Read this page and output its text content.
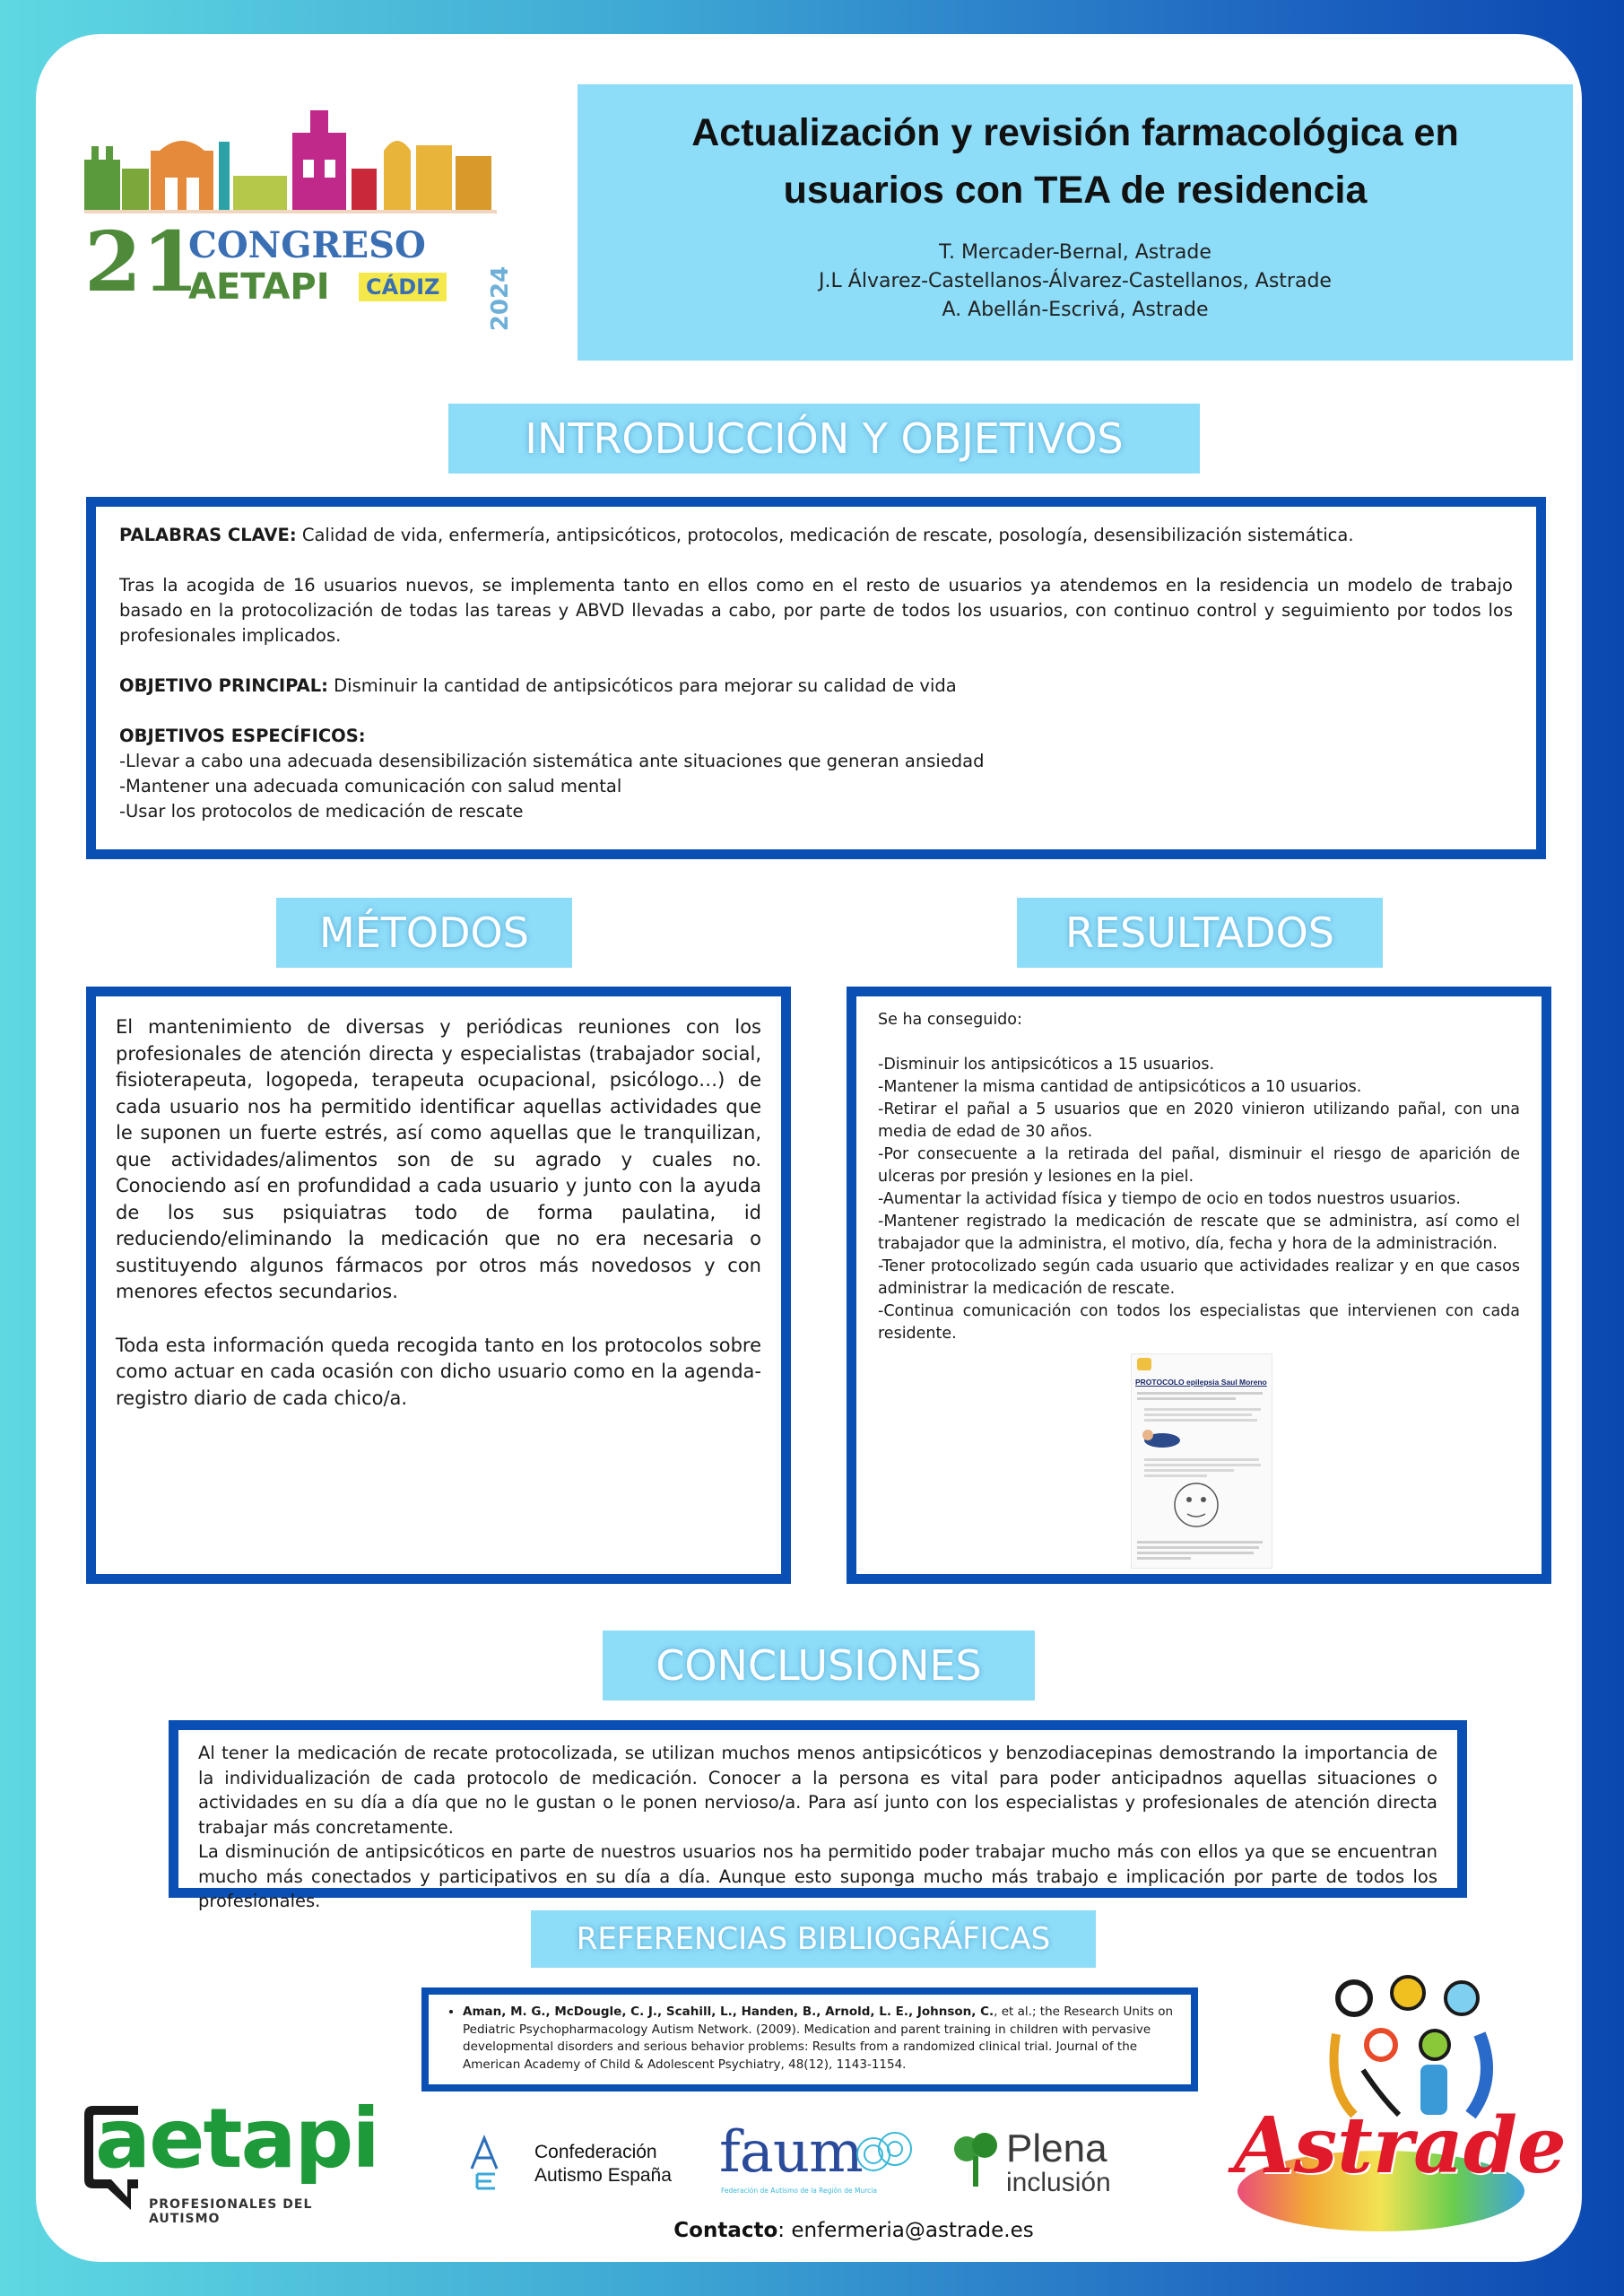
21
CONGRESO
AETAPI	CÁDIZ	2024
Actualización y revisión farmacológica en usuarios con TEA de residencia
T. Mercader-Bernal, Astrade
J.L Álvarez-Castellanos-Álvarez-Castellanos, Astrade
A. Abellán-Escrivá, Astrade
INTRODUCCIÓN Y OBJETIVOS

PALABRAS CLAVE: Calidad de vida, enfermería, antipsicóticos, protocolos, medicación de rescate, posología, desensibilización sistemática.

Tras la acogida de 16 usuarios nuevos, se implementa tanto en ellos como en el resto de usuarios ya atendemos en la residencia un modelo de trabajo basado en la protocolización de todas las tareas y ABVD llevadas a cabo, por parte de todos los usuarios, con continuo control y seguimiento por todos los profesionales implicados.

OBJETIVO PRINCIPAL: Disminuir la cantidad de antipsicóticos para mejorar su calidad de vida

OBJETIVOS ESPECÍFICOS:

-Llevar a cabo una adecuada desensibilización sistemática ante situaciones que generan ansiedad

-Mantener una adecuada comunicación con salud mental

-Usar los protocolos de medicación de rescate

MÉTODOS

El mantenimiento de diversas y periódicas reuniones con los profesionales de atención directa y especialistas (trabajador social, fisioterapeuta, logopeda, terapeuta ocupacional, psicólogo…) de cada usuario nos ha permitido identificar aquellas actividades que le suponen un fuerte estrés, así como aquellas que le tranquilizan, que actividades/alimentos son de su agrado y cuales no. Conociendo así en profundidad a cada usuario y junto con la ayuda de los sus psiquiatras todo de forma paulatina, id reduciendo/eliminando la medicación que no era necesaria o sustituyendo algunos fármacos por otros más novedosos y con menores efectos secundarios.

Toda esta información queda recogida tanto en los protocolos sobre como actuar en cada ocasión con dicho usuario como en la agenda-registro diario de cada chico/a.

RESULTADOS

Se ha conseguido:

-Disminuir los antipsicóticos a 15 usuarios.

-Mantener la misma cantidad de antipsicóticos a 10 usuarios.

-Retirar el pañal a 5 usuarios que en 2020 vinieron utilizando pañal, con una media de edad de 30 años.

-Por consecuente a la retirada del pañal, disminuir el riesgo de aparición de ulceras por presión y lesiones en la piel.

-Aumentar la actividad física y tiempo de ocio en todos nuestros usuarios.

-Mantener registrado la medicación de rescate que se administra, así como el trabajador que la administra, el motivo, día, fecha y hora de la administración.

-Tener protocolizado según cada usuario que actividades realizar y en que casos administrar la medicación de rescate.

-Continua comunicación con todos los especialistas que intervienen con cada residente.

PROTOCOLO epilepsia Saul Moreno
CONCLUSIONES

Al tener la medicación de recate protocolizada, se utilizan muchos menos antipsicóticos y benzodiacepinas demostrando la importancia de la individualización de cada protocolo de medicación. Conocer a la persona es vital para poder anticipadnos aquellas situaciones o actividades en su día a día que no le gustan o le ponen nervioso/a. Para así junto con los especialistas y profesionales de atención directa trabajar más concretamente.

La disminución de antipsicóticos en parte de nuestros usuarios nos ha permitido poder trabajar mucho más con ellos ya que se encuentran mucho más conectados y participativos en su día a día. Aunque esto suponga mucho más trabajo e implicación por parte de todos los profesionales.

REFERENCIAS BIBLIOGRÁFICAS
• Aman, M. G., McDougle, C. J., Scahill, L., Handen, B., Arnold, L. E., Johnson, C., et al.; the Research Units on Pediatric Psychopharmacology Autism Network. (2009). Medication and parent training in children with pervasive developmental disorders and serious behavior problems: Results from a randomized clinical trial. Journal of the American Academy of Child & Adolescent Psychiatry, 48(12), 1143-1154.
aetapi
PROFESIONALES DEL AUTISMO
Confederación
Autismo España faum
Federación de Autismo de la Región de Murcia
Plena
inclusión Astrade
Contacto: enfermeria@astrade.es
